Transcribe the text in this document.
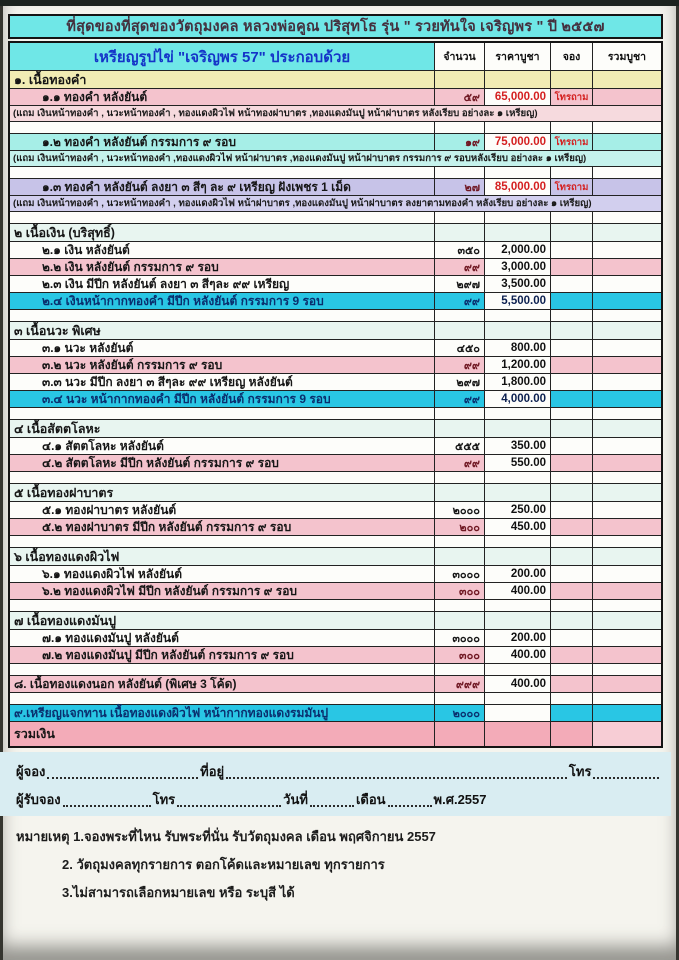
ที่สุดของที่สุดของวัตถุมงคล หลวงพ่อคูณ ปริสุทโธ รุ่น " รวยทันใจ เจริญพร " ปี ๒๕๕๗
เหรียญรูปไข่ "เจริญพร 57" ประกอบด้วย	จำนวน	ราคาบูชา	จอง	รวมบูชา
๑. เนื้อทองคำ
๑.๑ ทองคำ หลังยันต์	๕๙	65,000.00 โทรถาม
(แถม เงินหน้าทองคำ , นวะหน้าทองคำ , ทองแดงผิวไฟ หน้าทองฝาบาตร ,ทองแดงมันปู หน้าฝาบาตร หลังเรียบ อย่างละ ๑ เหรียญ)
๑.๒ ทองคำ หลังยันต์ กรรมการ ๙ รอบ	๑๙	75,000.00 โทรถาม
(แถม เงินหน้าทองคำ , นวะหน้าทองคำ ,ทองแดงผิวไฟ หน้าฝาบาตร ,ทองแดงมันปู หน้าฝาบาตร กรรมการ ๙ รอบหลังเรียบ อย่างละ ๑ เหรียญ)
๑.๓ ทองคำ หลังยันต์ ลงยา ๓ สีๆ ละ ๙ เหรียญ ฝังเพชร 1 เม็ด	๒๗	85,000.00 โทรถาม
(แถม เงินหน้าทองคำ , นวะหน้าทองคำ , ทองแดงผิวไฟ หน้าฝาบาตร ,ทองแดงมันปู หน้าฝาบาตร ลงยาตามทองคำ หลังเรียบ อย่างละ ๑ เหรียญ)
๒ เนื้อเงิน (บริสุทธิ์)
๒.๑ เงิน หลังยันต์	๓๕๐	2,000.00
๒.๒ เงิน หลังยันต์ กรรมการ ๙ รอบ	๙๙	3,000.00
๒.๓ เงิน มีปีก หลังยันต์ ลงยา ๓ สีๆละ ๙๙ เหรียญ	๒๙๗	3,500.00
๒.๔ เงินหน้ากากทองคำ มีปีก หลังยันต์ กรรมการ 9 รอบ	๙๙	5,500.00
๓ เนื้อนวะ พิเศษ
๓.๑ นวะ หลังยันต์	๔๕๐	800.00
๓.๒ นวะ หลังยันต์ กรรมการ ๙ รอบ	๙๙	1,200.00
๓.๓ นวะ มีปีก ลงยา ๓ สีๆละ ๙๙ เหรียญ หลังยันต์	๒๙๗	1,800.00
๓.๔ นวะ หน้ากากทองคำ มีปีก หลังยันต์ กรรมการ 9 รอบ	๙๙	4,000.00
๔ เนื้อสัตตโลหะ
๔.๑ สัตตโลหะ หลังยันต์	๕๕๕	350.00
๔.๒ สัตตโลหะ มีปีก หลังยันต์ กรรมการ ๙ รอบ	๙๙	550.00
๕ เนื้อทองฝาบาตร
๕.๑ ทองฝาบาตร หลังยันต์	๒๐๐๐	250.00
๕.๒ ทองฝาบาตร มีปีก หลังยันต์ กรรมการ ๙ รอบ	๒๐๐	450.00
๖ เนื้อทองแดงผิวไฟ
๖.๑ ทองแดงผิวไฟ หลังยันต์	๓๐๐๐	200.00
๖.๒ ทองแดงผิวไฟ มีปีก หลังยันต์ กรรมการ ๙ รอบ	๓๐๐	400.00
๗ เนื้อทองแดงมันปู
๗.๑ ทองแดงมันปู หลังยันต์	๓๐๐๐	200.00
๗.๒ ทองแดงมันปู มีปีก หลังยันต์ กรรมการ ๙ รอบ	๓๐๐	400.00
๘. เนื้อทองแดงนอก หลังยันต์ (พิเศษ 3 โค้ด)	๙๙๙	400.00
๙.เหรียญแจกทาน เนื้อทองแดงผิวไฟ หน้ากากทองแดงรมมันปู	๒๐๐๐
รวมเงิน
ผู้จอง	ที่อยู่	โทร
ผู้รับจอง	โทร	วันที่	เดือน	พ.ศ.2557
หมายเหตุ 1.จองพระที่ไหน รับพระที่นั่น รับวัตถุมงคล เดือน พฤศจิกายน 2557
2. วัตถุมงคลทุกรายการ ตอกโค้ดและหมายเลข ทุกรายการ
3.ไม่สามารถเลือกหมายเลข หรือ ระบุสี ได้
